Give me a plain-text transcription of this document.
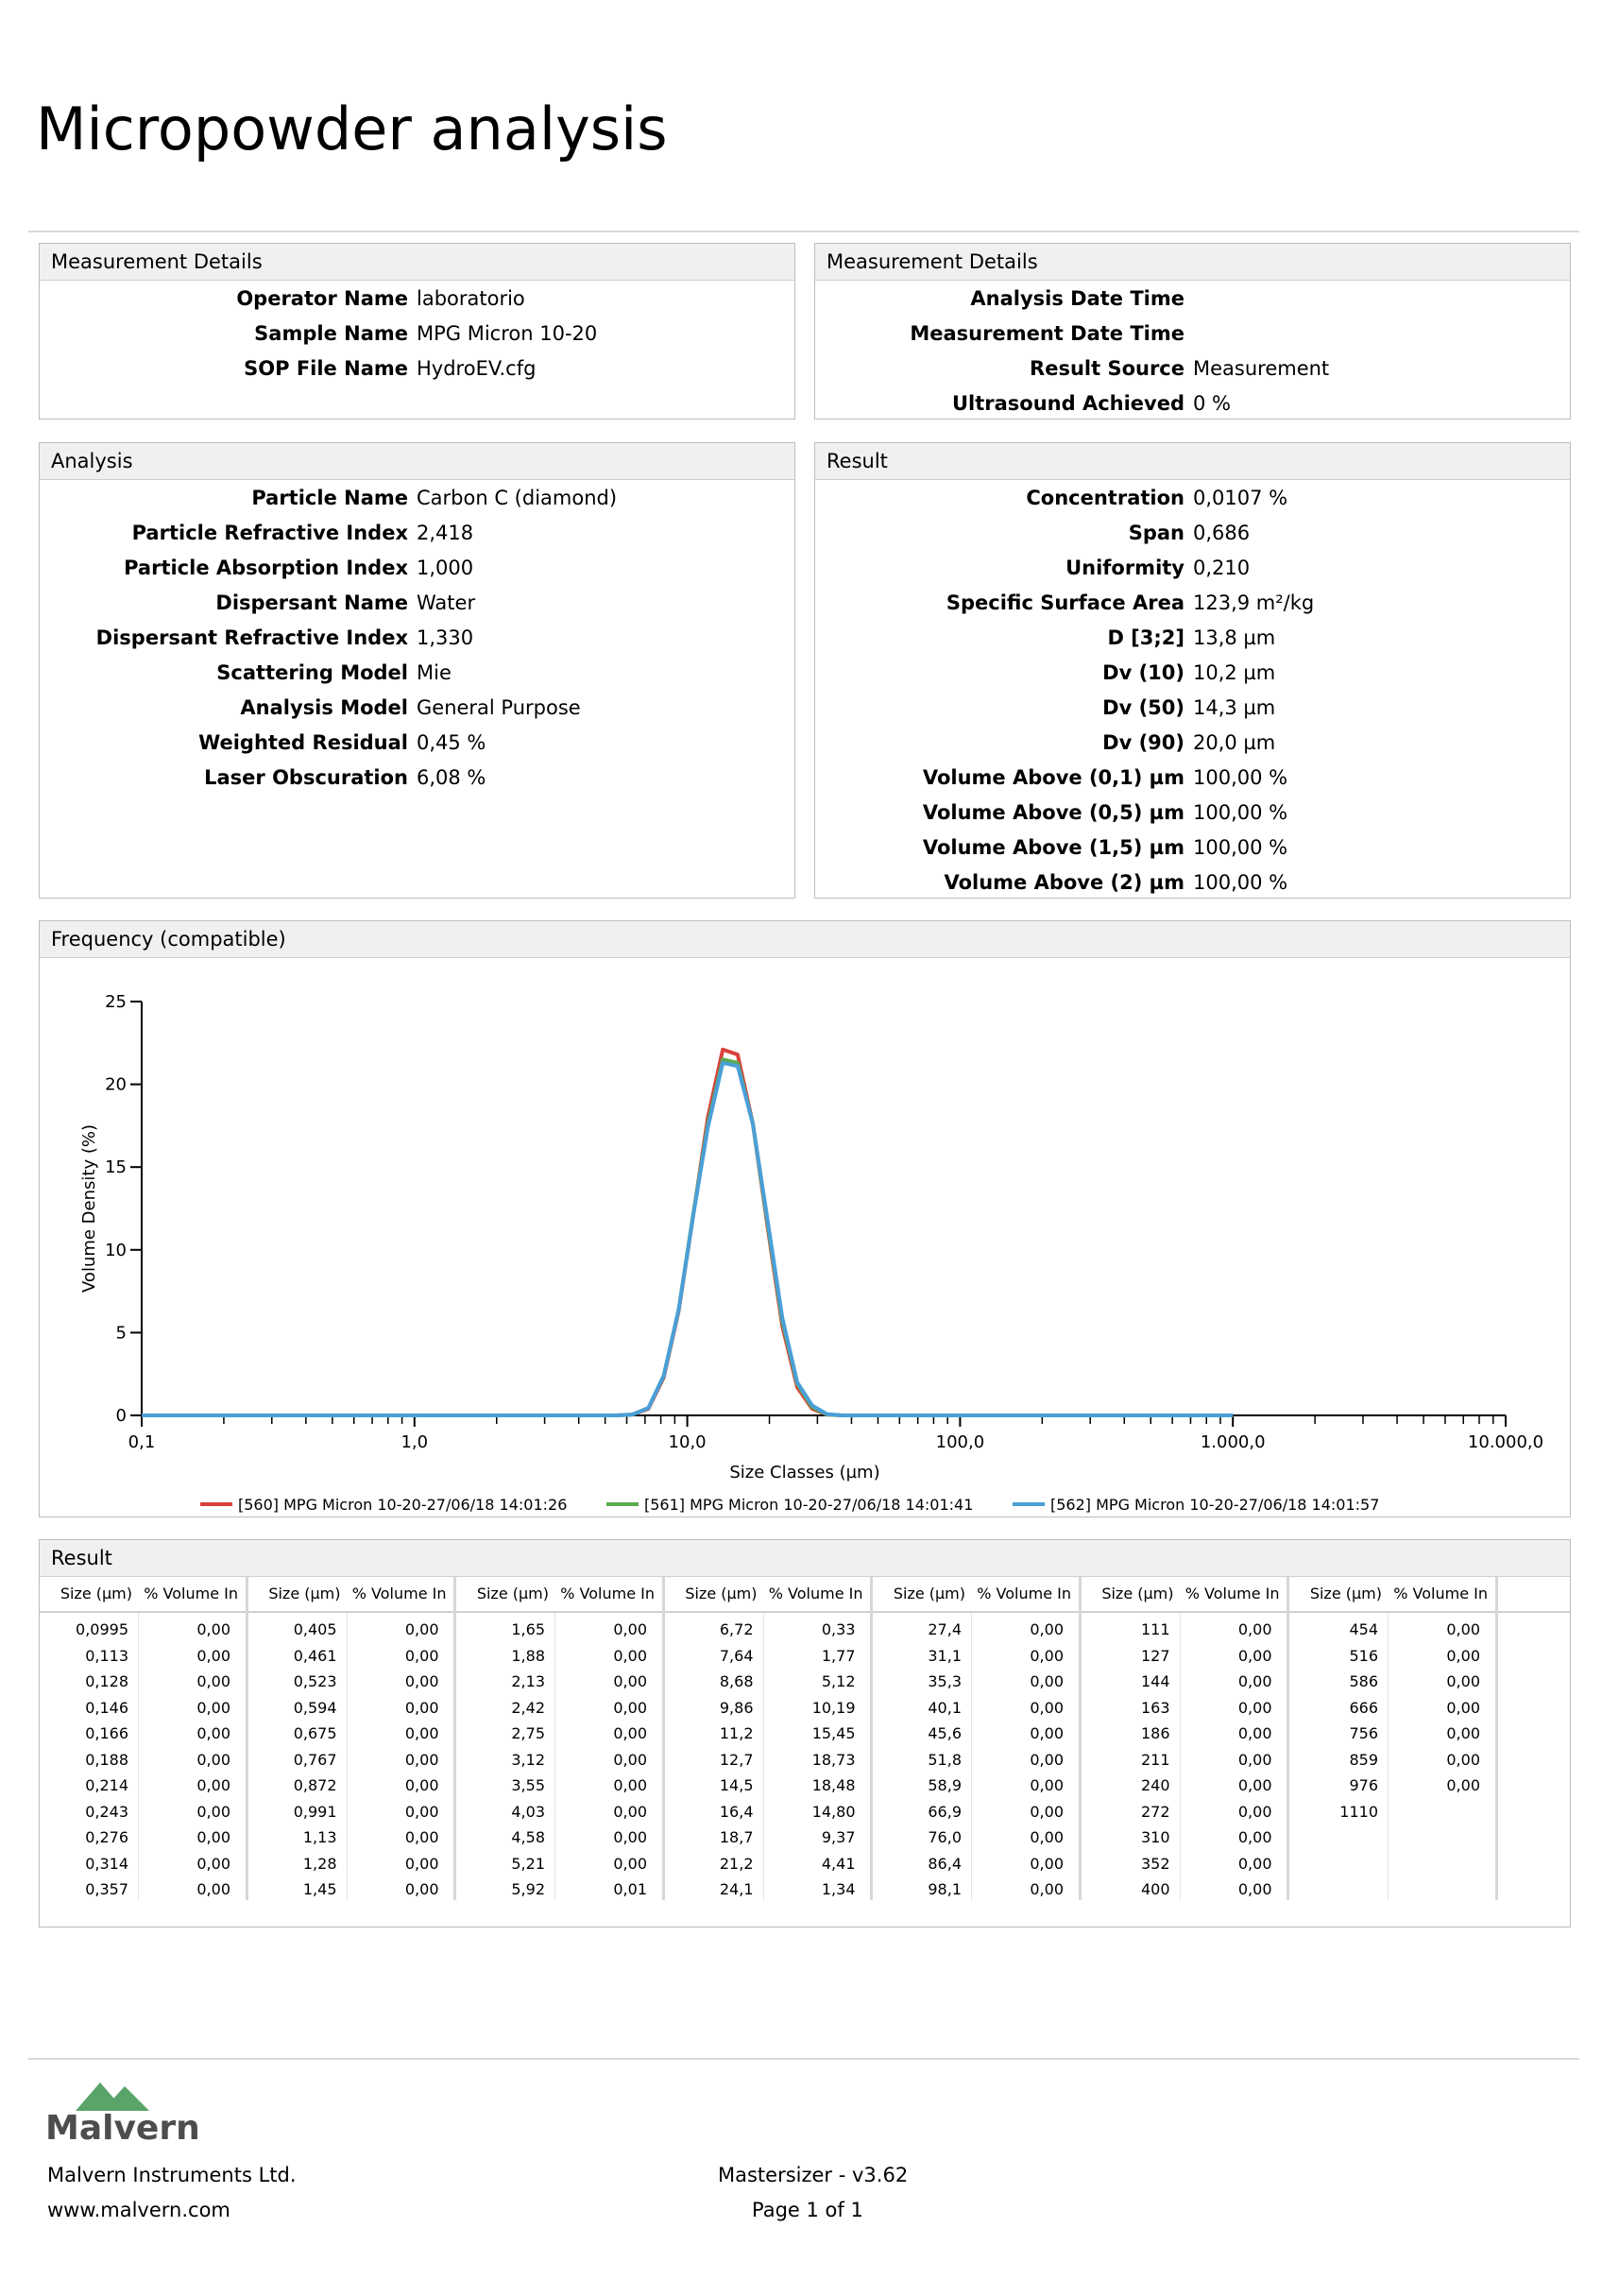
Micropowder analysis
Measurement Details
Operator Name laboratorio
Sample Name MPG Micron 10-20
SOP File Name HydroEV.cfg
Measurement Details
Analysis Date Time
Measurement Date Time
Result Source Measurement
Ultrasound Achieved 0 %
Analysis
Particle Name Carbon C (diamond)
Particle Refractive Index 2,418
Particle Absorption Index 1,000
Dispersant Name Water
Dispersant Refractive Index 1,330
Scattering Model Mie
Analysis Model General Purpose
Weighted Residual 0,45 %
Laser Obscuration 6,08 %
Result
Concentration 0,0107 %
Span 0,686
Uniformity 0,210
Specific Surface Area 123,9 m²/kg
D [3;2] 13,8 µm
Dv (10) 10,2 µm
Dv (50) 14,3 µm
Dv (90) 20,0 µm
Volume Above (0,1) µm 100,00 %
Volume Above (0,5) µm 100,00 %
Volume Above (1,5) µm 100,00 %
Volume Above (2) µm 100,00 %
Frequency (compatible)
0,1	1,0	10,0	100,0	1.000,0	10.000,0
0
5
10
15
20
25
Volume Density (%)
Size Classes (µm)
[560] MPG Micron 10-20-27/06/18 14:01:26	[561] MPG Micron 10-20-27/06/18 14:01:41	[562] MPG Micron 10-20-27/06/18 14:01:57
Result
Size (µm) % Volume In
0,0995	0,00
0,113	0,00
0,128	0,00
0,146	0,00
0,166	0,00
0,188	0,00
0,214	0,00
0,243	0,00
0,276	0,00
0,314	0,00
0,357	0,00
Size (µm) % Volume In
0,405	0,00
0,461	0,00
0,523	0,00
0,594	0,00
0,675	0,00
0,767	0,00
0,872	0,00
0,991	0,00
1,13	0,00
1,28	0,00
1,45	0,00
Size (µm) % Volume In
1,65	0,00
1,88	0,00
2,13	0,00
2,42	0,00
2,75	0,00
3,12	0,00
3,55	0,00
4,03	0,00
4,58	0,00
5,21	0,00
5,92	0,01
Size (µm) % Volume In
6,72	0,33
7,64	1,77
8,68	5,12
9,86	10,19
11,2	15,45
12,7	18,73
14,5	18,48
16,4	14,80
18,7	9,37
21,2	4,41
24,1	1,34
Size (µm) % Volume In
27,4	0,00
31,1	0,00
35,3	0,00
40,1	0,00
45,6	0,00
51,8	0,00
58,9	0,00
66,9	0,00
76,0	0,00
86,4	0,00
98,1	0,00
Size (µm) % Volume In
111	0,00
127	0,00
144	0,00
163	0,00
186	0,00
211	0,00
240	0,00
272	0,00
310	0,00
352	0,00
400	0,00
Size (µm) % Volume In
454	0,00
516	0,00
586	0,00
666	0,00
756	0,00
859	0,00
976	0,00
1110
Malvern
Malvern Instruments Ltd.
www.malvern.com
Mastersizer - v3.62
Page 1 of 1
